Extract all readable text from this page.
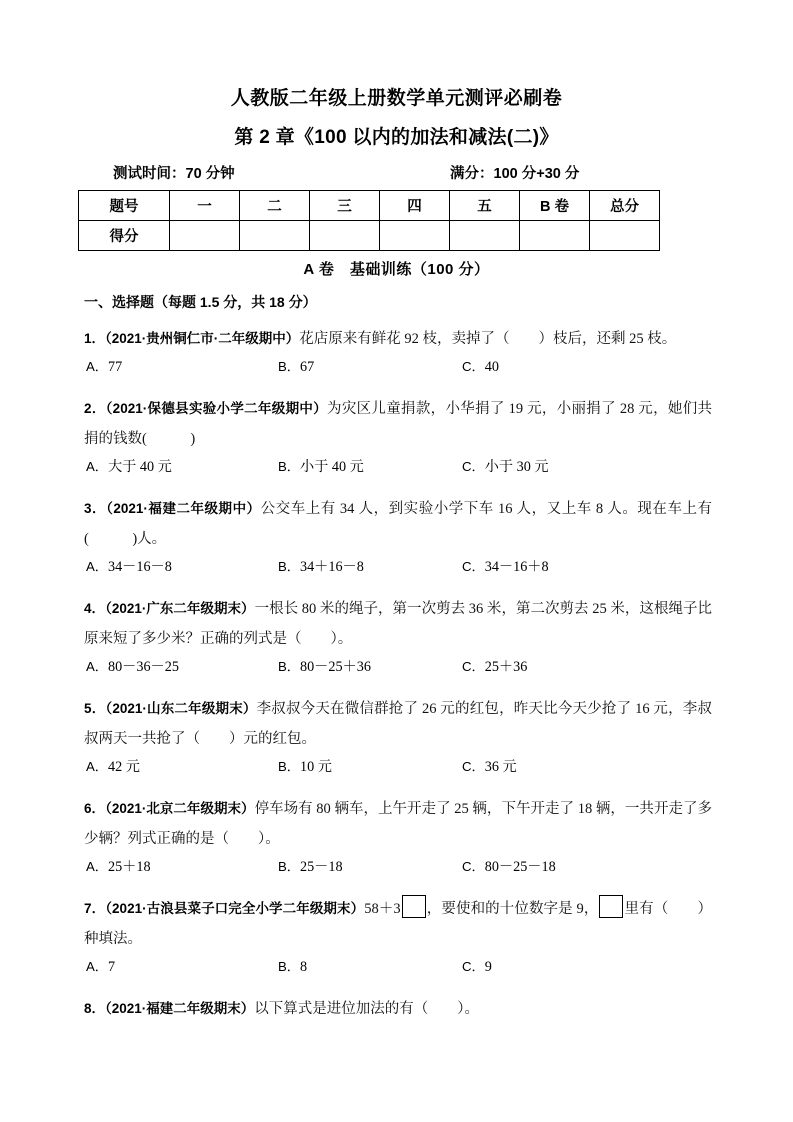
人教版二年级上册数学单元测评必刷卷
第 2 章《100 以内的加法和减法(二)》
测试时间：70 分钟	满分：100 分+30 分
题号	一	二	三	四	五	B 卷	总分
得分							
A 卷　基础训练（100 分）
一、选择题（每题 1.5 分，共 18 分）
1．（2021·贵州铜仁市·二年级期中）花店原来有鲜花 92 枝，卖掉了（　　）枝后，还剩 25 枝。
A．77	B．67	C．40
2．（2021·保德县实验小学二年级期中）为灾区儿童捐款，小华捐了 19 元，小丽捐了 28 元，她们共捐的钱数(　　　)
A．大于 40 元	B．小于 40 元	C．小于 30 元
3．（2021·福建二年级期中）公交车上有 34 人，到实验小学下车 16 人，又上车 8 人。现在车上有(　　　)人。
A．34－16－8	B．34＋16－8	C．34－16＋8
4．（2021·广东二年级期末）一根长 80 米的绳子，第一次剪去 36 米，第二次剪去 25 米，这根绳子比原来短了多少米？正确的列式是（　　）。
A．80－36－25	B．80－25＋36	C．25＋36
5．（2021·山东二年级期末）李叔叔今天在微信群抢了 26 元的红包，昨天比今天少抢了 16 元，李叔叔两天一共抢了（　　）元的红包。
A．42 元	B．10 元	C．36 元
6．（2021·北京二年级期末）停车场有 80 辆车，上午开走了 25 辆，下午开走了 18 辆，一共开走了多少辆？列式正确的是（　　）。
A．25＋18	B．25－18	C．80－25－18
7．（2021·古浪县菜子口完全小学二年级期末）58＋3 ，要使和的十位数字是 9， 里有（　　）种填法。
A．7	B．8	C．9
8．（2021·福建二年级期末）以下算式是进位加法的有（　　）。
